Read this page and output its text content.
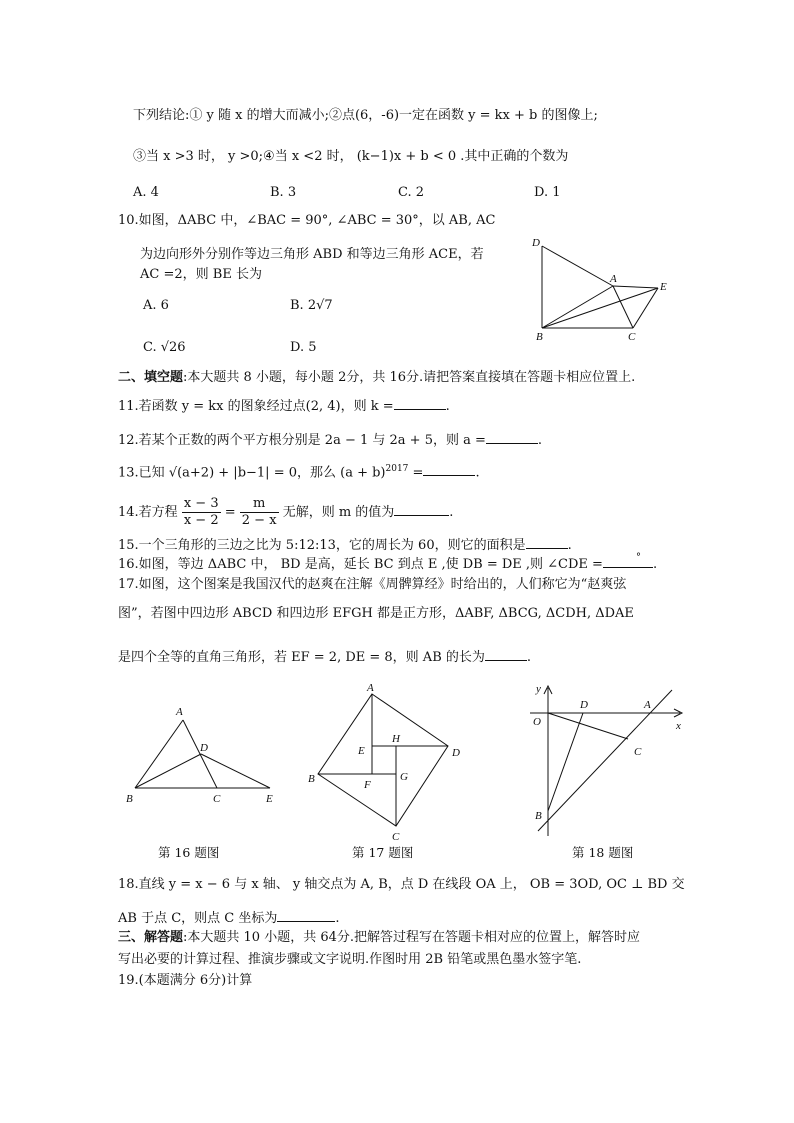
下列结论:① y 随 x 的增大而减小;②点(6，-6)一定在函数 y = kx + b 的图像上;
③当 x >3 时， y >0;④当 x <2 时， (k−1)x + b < 0 .其中正确的个数为
A. 4	B. 3	C. 2	D. 1
10.如图，ΔABC 中，∠BAC = 90°, ∠ABC = 30°，以 AB, AC
为边向形外分别作等边三角形 ABD 和等边三角形 ACE，若
AC =2，则 BE 长为
A. 6	B. 2√7
C. √26	D. 5
D
A
E
B	C
二、填空题:本大题共 8 小题，每小题 2分，共 16分.请把答案直接填在答题卡相应位置上.
11.若函数 y = kx 的图象经过点(2, 4)，则 k =	.
12.若某个正数的两个平方根分别是 2a − 1 与 2a + 5，则 a =	.
13.已知 √(a+2) + |b−1| = 0，那么 $(a + b)^{2017}$ =	.
14.若方程 $\frac{x - 3}{x - 2} = \frac{m}{2 - x}$ 无解，则 m 的值为	.
15.一个三角形的三边之比为 5:12:13，它的周长为 60，则它的面积是	.
16.如图，等边 ΔABC 中， BD 是高，延长 BC 到点 E ,使 DB = DE ,则 ∠CDE =	° .
17.如图，这个图案是我国汉代的赵爽在注解《周髀算经》时给出的，人们称它为“赵爽弦
图”，若图中四边形 ABCD 和四边形 EFGH 都是正方形，ΔABF, ΔBCG, ΔCDH, ΔDAE
是四个全等的直角三角形，若 EF = 2, DE = 8，则 AB 的长为	.
A
D
B	C	E
第 16 题图
A
E
H
D
B	F
G
C
第 17 题图
y
D	A
O	x
C
B
第 18 题图
18.直线 y = x − 6 与 x 轴、 y 轴交点为 A, B，点 D 在线段 OA 上， OB = 3OD, OC ⊥ BD 交
AB 于点 C，则点 C 坐标为	.
三、解答题:本大题共 10 小题，共 64分.把解答过程写在答题卡相对应的位置上，解答时应
写出必要的计算过程、推演步骤或文字说明.作图时用 2B 铅笔或黑色墨水签字笔.
19.(本题满分 6分)计算
